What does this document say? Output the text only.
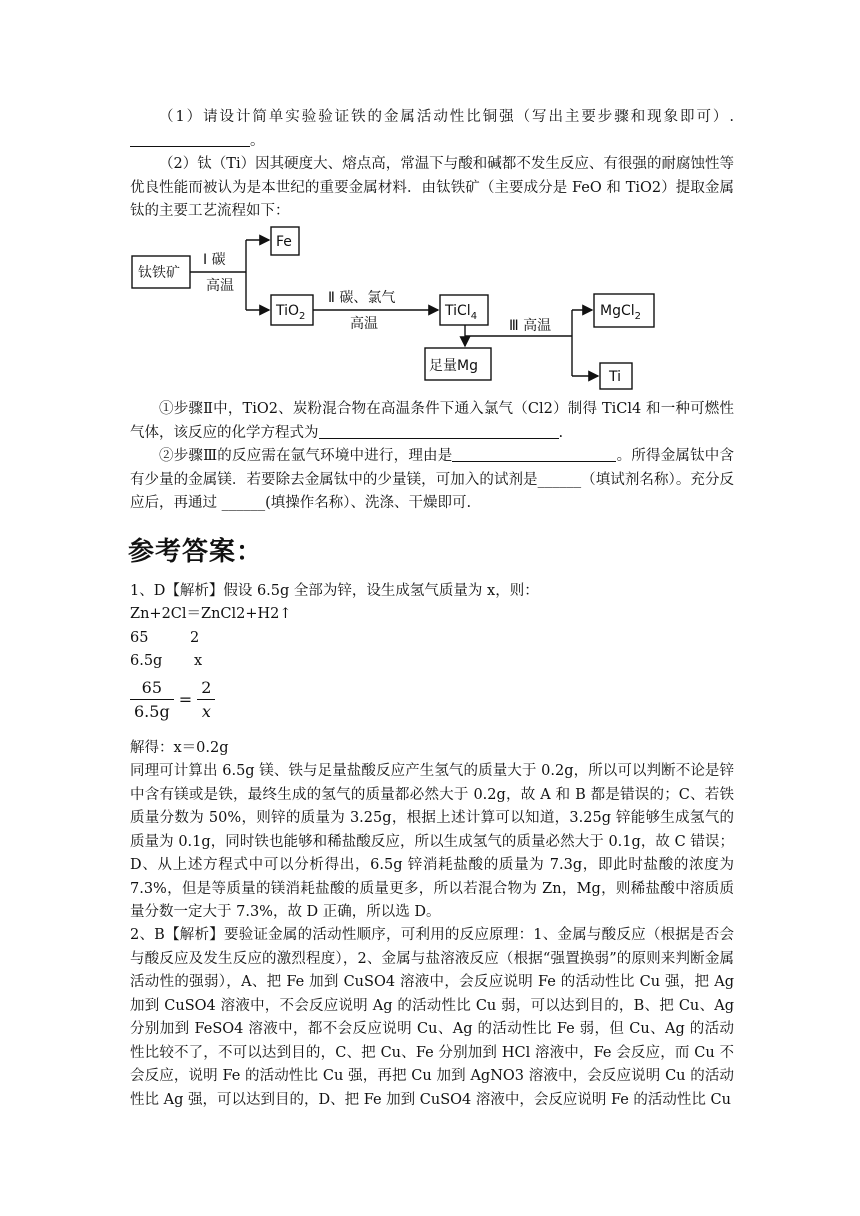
（1）请设计简单实验验证铁的金属活动性比铜强（写出主要步骤和现象即可）.。

（2）钛（Ti）因其硬度大、熔点高，常温下与酸和碱都不发生反应、有很强的耐腐蚀性等优良性能而被认为是本世纪的重要金属材料．由钛铁矿（主要成分是 FeO 和 TiO2）提取金属钛的主要工艺流程如下：

钛铁矿
Ⅰ 碳
高温
Fe
TiO$_2$
Ⅱ 碳、氯气
高温
TiCl$_4$
足量Mg
Ⅲ 高温
MgCl$_2$
Ti

①步骤Ⅱ中，TiO2、炭粉混合物在高温条件下通入氯气（Cl2）制得 TiCl4 和一种可燃性气体，该反应的化学方程式为	.

②步骤Ⅲ的反应需在氩气环境中进行，理由是	。所得金属钛中含有少量的金属镁．若要除去金属钛中的少量镁，可加入的试剂是______（填试剂名称）。充分反应后，再通过 ______(填操作名称）、洗涤、干燥即可.

参考答案：
1、D【解析】假设 6.5g 全部为锌，设生成氢气质量为 x，则：
Zn+2Cl＝ZnCl2+H2↑
65	2
6.5g x
$\frac{65}{6.5g} = \frac{2}{x}$
解得：x＝0.2g

同理可计算出 6.5g 镁、铁与足量盐酸反应产生氢气的质量大于 0.2g，所以可以判断不论是锌中含有镁或是铁，最终生成的氢气的质量都必然大于 0.2g，故 A 和 B 都是错误的；C、若铁质量分数为 50%，则锌的质量为 3.25g，根据上述计算可以知道，3.25g 锌能够生成氢气的质量为 0.1g，同时铁也能够和稀盐酸反应，所以生成氢气的质量必然大于 0.1g，故 C 错误；D、从上述方程式中可以分析得出，6.5g 锌消耗盐酸的质量为 7.3g，即此时盐酸的浓度为 7.3%，但是等质量的镁消耗盐酸的质量更多，所以若混合物为 Zn，Mg，则稀盐酸中溶质质量分数一定大于 7.3%，故 D 正确，所以选 D。

2、B【解析】要验证金属的活动性顺序，可利用的反应原理：1、金属与酸反应（根据是否会与酸反应及发生反应的激烈程度），2、金属与盐溶液反应（根据“强置换弱”的原则来判断金属活动性的强弱），A、把 Fe 加到 CuSO4 溶液中，会反应说明 Fe 的活动性比 Cu 强，把 Ag 加到 CuSO4 溶液中，不会反应说明 Ag 的活动性比 Cu 弱，可以达到目的，B、把 Cu、Ag 分别加到 FeSO4 溶液中，都不会反应说明 Cu、Ag 的活动性比 Fe 弱，但 Cu、Ag 的活动性比较不了，不可以达到目的，C、把 Cu、Fe 分别加到 HCl 溶液中，Fe 会反应，而 Cu 不会反应，说明 Fe 的活动性比 Cu 强，再把 Cu 加到 AgNO3 溶液中，会反应说明 Cu 的活动性比 Ag 强，可以达到目的，D、把 Fe 加到 CuSO4 溶液中，会反应说明 Fe 的活动性比 Cu
